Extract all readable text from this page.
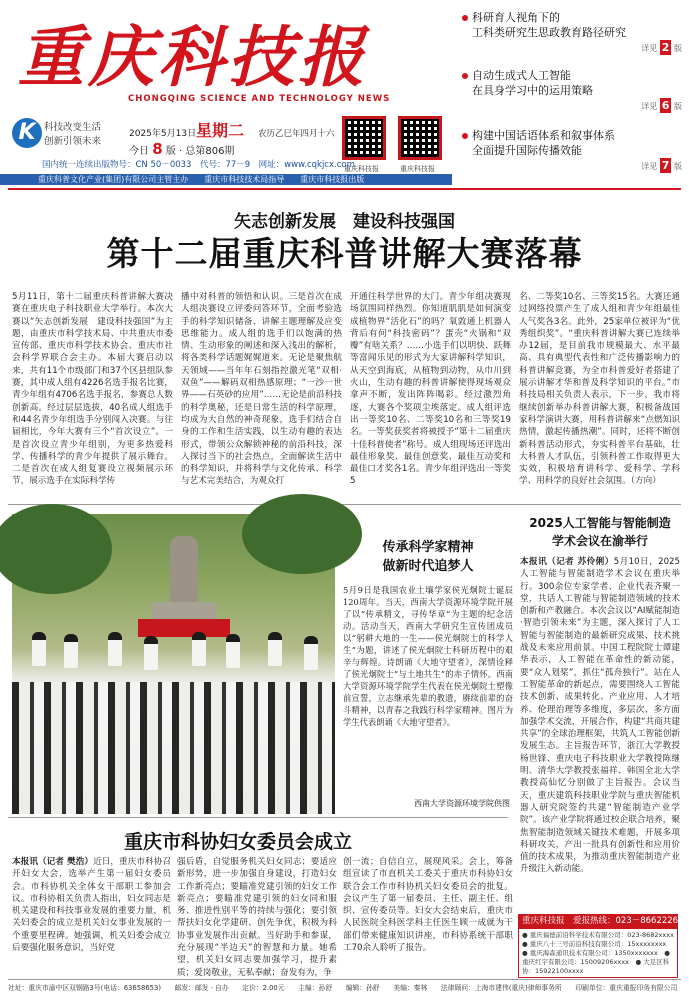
重庆科技报
CHONGQING SCIENCE AND TECHNOLOGY NEWS
K 科技改变生活
创新引领未来
2025年5月13日 星期二 农历乙巳年四月十六
今日 8 版 · 总第806期
重庆科技报	重庆科技报
国内统一连续出版物号：CN 50－0033　代号：77－9　网址：www.cqkjcx.com
重庆科普文化产业(集团)有限公司主管主办　　重庆市科技技术局指导　　重庆市科技报出版
科研育人视角下的
工科类研究生思政教育路径研究
详见 2 版
自动生成式人工智能
在具身学习中的运用策略
详见 6 版
构建中国话语体系和叙事体系
全面提升国际传播效能
详见 7 版
矢志创新发展　建设科技强国
第十二届重庆科普讲解大赛落幕
5月11日，第十二届重庆科普讲解大赛决赛在重庆电子科技职业大学举行。本次大赛以“矢志创新发展　建设科技强国”为主题，由重庆市科学技术局、中共重庆市委宣传部、重庆市科学技术协会、重庆市社会科学界联合会主办。本届大赛启动以来，共有11个市级部门和37个区县组队参赛，其中成人组有4226名选手报名比赛，青少年组有4706名选手报名，参赛总人数创新高。经过层层选拔，40名成人组选手和44名青少年组选手分别闯入决赛。与往届相比，今年大赛有三个“首次设立”。一是首次设立青少年组别，为更多热爱科学、传播科学的青少年提供了展示舞台。二是首次在成人组复赛设立视频展示环节，展示选手在实际科学传
播中对科普的领悟和认识。三是首次在成人组决赛设立评委问答环节，全面考验选手的科学知识储备、讲解主题理解及应变思维能力。成人组的选手们以饱满的热情、生动形象的阐述和深入浅出的解析，将各类科学话题娓娓道来。无论是聚焦航天领域——当年年石刻指控激光笔“双相·双鱼”——解码双相热感原理；“一沙一世界——石英砂的应用”……无论是前沿科技的科学奥秘，还是日常生活的科学原理，均成为大自然的神奇现象，选手们结合自身的工作和生活实践，以生动有趣的表达形式，带领公众解锁神秘的前沿科技，深入探讨当下的社会热点，全面解读生活中的科学知识，并将科学与文化传承、科学与艺术完美结合，为观众打
开通往科学世界的大门。青少年组决赛现场氛围同样热烈。你知道肌肌是如何演变成植物界“活化石”的吗？氧敦通上机器人背后有何“科技密码”？蛋壳“火锅和“双瓣”有啥关系？……小选手们以明快、跃舞等富闻乐见的形式为大家讲解科学知识，从天空到海底，从植物到动物，从巾川到火山，生动有趣的科普讲解使得现场观众拿声不断，发出阵阵喝彩。经过激烈角逐，大赛各个奖项尘埃落定。成人组评选出一等奖10名、二等奖10名和三等奖19名。一等奖获奖者将被授予“第十二届重庆十佳科普使者”称号。成人组现场还评选出最佳形象奖、最佳创意奖、最佳互动奖和最佳口才奖各1名。青少年组评选出一等奖5
名、二等奖10名、三等奖15名。大赛还通过网络投票产生了成人组和青少年组最佳人气奖各3名。此外，25家单位被评为“优秀组织奖”。“重庆科普讲解大赛已连续举办12届，是目前我市规模最大、水平最高、具有典型代表性和广泛传播影响力的科普讲解竞赛，为全市科普爱好者搭建了展示讲解才华和普及科学知识的平台。”市科技局相关负责人表示，下一步，我市将继续创新举办科普讲解大赛，积极备战国家科学演讲大赛，用科普讲解来“点燃知识热情，激起传播热潮”。同时，还将不断创新科普活动形式，夯实科普平台基础，壮大科普人才队伍，引领科普工作取得更大实效，积极培育讲科学、爱科学、学科学、用科学的良好社会氛围。（方向）
传承科学家精神
做新时代追梦人
5月9日是我国农业土壤学家侯光炯院士诞辰120周年。当天，西南大学资源环境学院开展了以“传承精文，寻传华章”为主题的纪念活动。活动当天，西南大学研究生宣传团成员以“躬耕大地的一生——侯光炯院士的科学人生”为题，讲述了侯光炯院士科研历程中的艰辛与辉煌。诗朗诵《大地守望者》，深情诠释了侯光炯院士“与土地共生”的赤子情怀。西南大学资源环境学院学生代表在侯光炯院士塑像前宣誓，立志继承先辈的教遗，赓续前辈的奋斗精神，以青春之我践行科学家精神。图片为学生代表朗诵《大地守望者》。
西南大学资源环境学院供图
2025人工智能与智能制造
学术会议在渝举行
本报讯（记者 苏伶俐）5月10日，2025人工智能与智能制造学术会议在重庆举行。300余位专家学者、企业代表齐聚一堂，共话人工智能与智能制造领域的技术创新和产教融合。本次会议以“AI赋能制造·智造引领未来”为主题，深入探讨了人工智能与智能制造的最新研究成果、技术挑战及未来应用前景。中国工程院院士谭建华表示，人工智能在革命性的新动能，要“众人划桨”，抓住“孤舟独行”。站在人工智能革命的新起点，需要围绕人工智能技术创新、成果转化、产业应用、人才培养、伦理治理等多维度，多层次、多方面加强学术交流，开展合作，构建“共商共建共享”的全球治理框架，共筑人工智能创新发展生态。主旨报告环节，浙江大学教授杨世锋、重庆电子科技职业大学教授陈继明、清华大学教授张福祥、韩国全北大学教授高仙忆分别做了主旨报告。会议当天，重庆建筑科技职业学院与重庆智能机器人研究院签约共建“智能制造产业学院”。该产业学院将通过校企联合培养，聚焦智能制造领域关键技术难题，开展多项科研攻关，产出一批具有创新性和应用价值的技术成果，为推动重庆智能制造产业升级注入新动能。
重庆市科协妇女委员会成立
本报讯（记者 樊浩）近日，重庆市科协召开妇女大会，选举产生第一届妇女委员会。市科协机关全体女干部职工参加会议。市科协相关负责人指出，妇女同志是机关建设和科技事业发展的重要力量，机关妇委会的成立是机关妇女事业发展的一个重要里程碑。她强调，机关妇委会成立后要强化服务意识，当好党
强后盾，自觉服务机关妇女同志；要适应新形势，进一步加强自身建设，打造妇女工作新亮点；要瞄准党建引领的妇女工作新亮点；要瞄准党建引领的妇女同和服务、推进性别平等的持续与强化；要引领帮扶妇女化学建研、创先争优，积极为科协事业发展作出贡献。当好助手和参谋，充分展现“半边天”的智慧和力量。她希望，机关妇女同志要加强学习，提升素质；爱岗敬业，无私奉献；奋发有为，争
创一流；自信自立，展现风采。会上，筹备组宣读了市直机关工委关于重庆市科协妇女联合会工作市科协机关妇女委员会的批复。会议产生了第一届委员、主任、副主任、组织、宣传委员等。妇女大会结束后，重庆市人民医院全科医学科主任医生顾一成就为干部们带来健康知识讲座，市科协系统干部职工70余人聆听了报告。
重庆科技报　爱报热线：023－86622268
● 重庆福德前沿科学技术有限公司：023-8682xxxx　● 重庆八十三号前沿科技有限公司：15xxxxxxxx　● 重庆海森通讯技术有限公司：1350xxxxxxx　● 重庆红宇有限公司：15009206xxxx　● 大足区科协：15922100xxxx
社址：重庆市渝中区双钢路3号(电话：63658653)　　邮发：邮发 · 自办　　定价：2.00元　　主编：孙舒　　编辑：孙舒　　美编：秦林　　法律顾问：上海市建伟(重庆)律师事务所　　印刷单位：重庆重报印务有限公司
